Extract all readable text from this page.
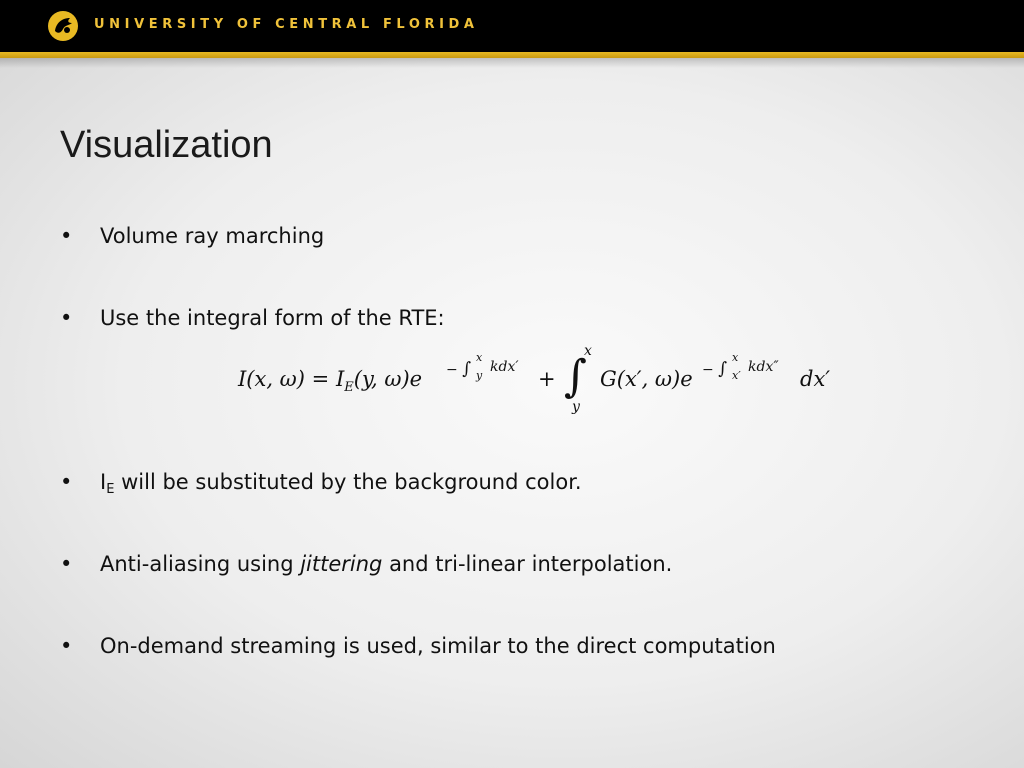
UNIVERSITY OF CENTRAL FLORIDA
Visualization
• Volume ray marching
• Use the integral form of the RTE:
I(x, $\omega) = I_E(y$, ω)e − ∫
x
y
kdx′ + ∫
x
y
G(x′, ω)e − ∫
x
x′
kdx″ dx′
• $I_E$ will be substituted by the background color.
• Anti-aliasing using jittering and tri-linear interpolation.
• On-demand streaming is used, similar to the direct computation
